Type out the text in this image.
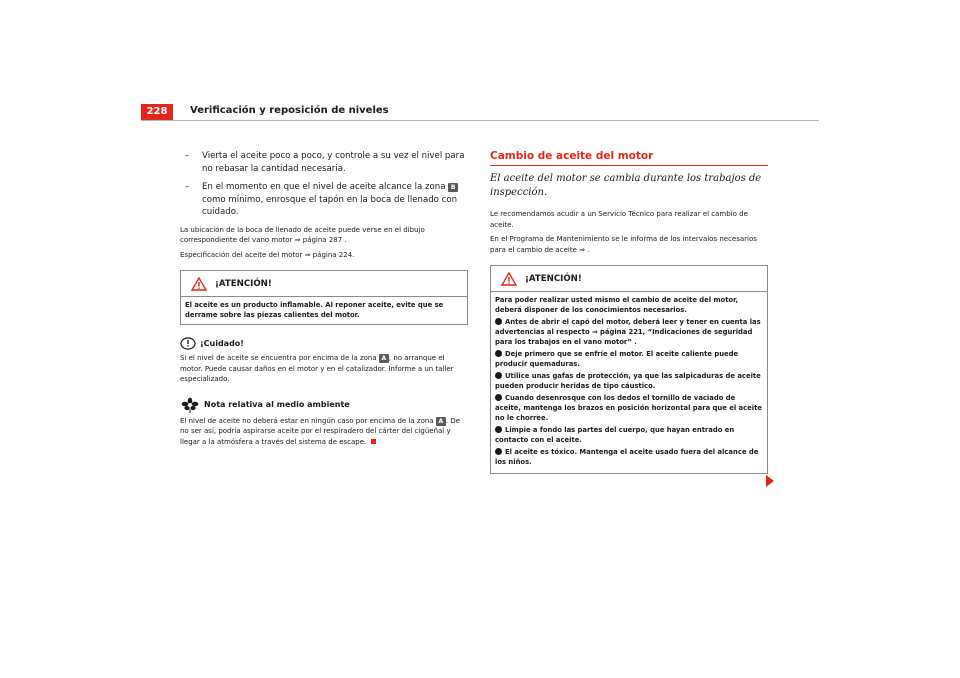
228	Verificación y reposición de niveles
– Vierta el aceite poco a poco, y controle a su vez el nivel para no rebasar la cantidad necesaria.
– En el momento en que el nivel de aceite alcance la zona B como mínimo, enrosque el tapón en la boca de llenado con cuidado.

La ubicación de la boca de llenado de aceite puede verse en el dibujo correspondiente del vano motor ⇒ página 287 .

Especificación del aceite del motor ⇒ página 224.

¡ATENCIÓN!
El aceite es un producto inflamable. Al reponer aceite, evite que se derrame sobre las piezas calientes del motor.
¡Cuidado!

Si el nivel de aceite se encuentra por encima de la zona A , no arranque el motor. Puede causar daños en el motor y en el catalizador. Informe a un taller especializado.

Nota relativa al medio ambiente

El nivel de aceite no deberá estar en ningún caso por encima de la zona A . De no ser así, podría aspirarse aceite por el respiradero del cárter del cigüeñal y llegar a la atmósfera a través del sistema de escape.

Cambio de aceite del motor

El aceite del motor se cambia durante los trabajos de inspección.

Le recomendamos acudir a un Servicio Técnico para realizar el cambio de aceite.

En el Programa de Mantenimiento se le informa de los intervalos necesarios para el cambio de aceite ⇒ .

¡ATENCIÓN!
Para poder realizar usted mismo el cambio de aceite del motor, deberá disponer de los conocimientos necesarios.
Antes de abrir el capó del motor, deberá leer y tener en cuenta las advertencias al respecto ⇒ página 221, “Indicaciones de seguridad para los trabajos en el vano motor” .
Deje primero que se enfríe el motor. El aceite caliente puede producir quemaduras.
Utilice unas gafas de protección, ya que las salpicaduras de aceite pueden producir heridas de tipo cáustico.
Cuando desenrosque con los dedos el tornillo de vaciado de aceite, mantenga los brazos en posición horizontal para que el aceite no le chorree.
Limpie a fondo las partes del cuerpo, que hayan entrado en contacto con el aceite.
El aceite es tóxico. Mantenga el aceite usado fuera del alcance de los niños.
